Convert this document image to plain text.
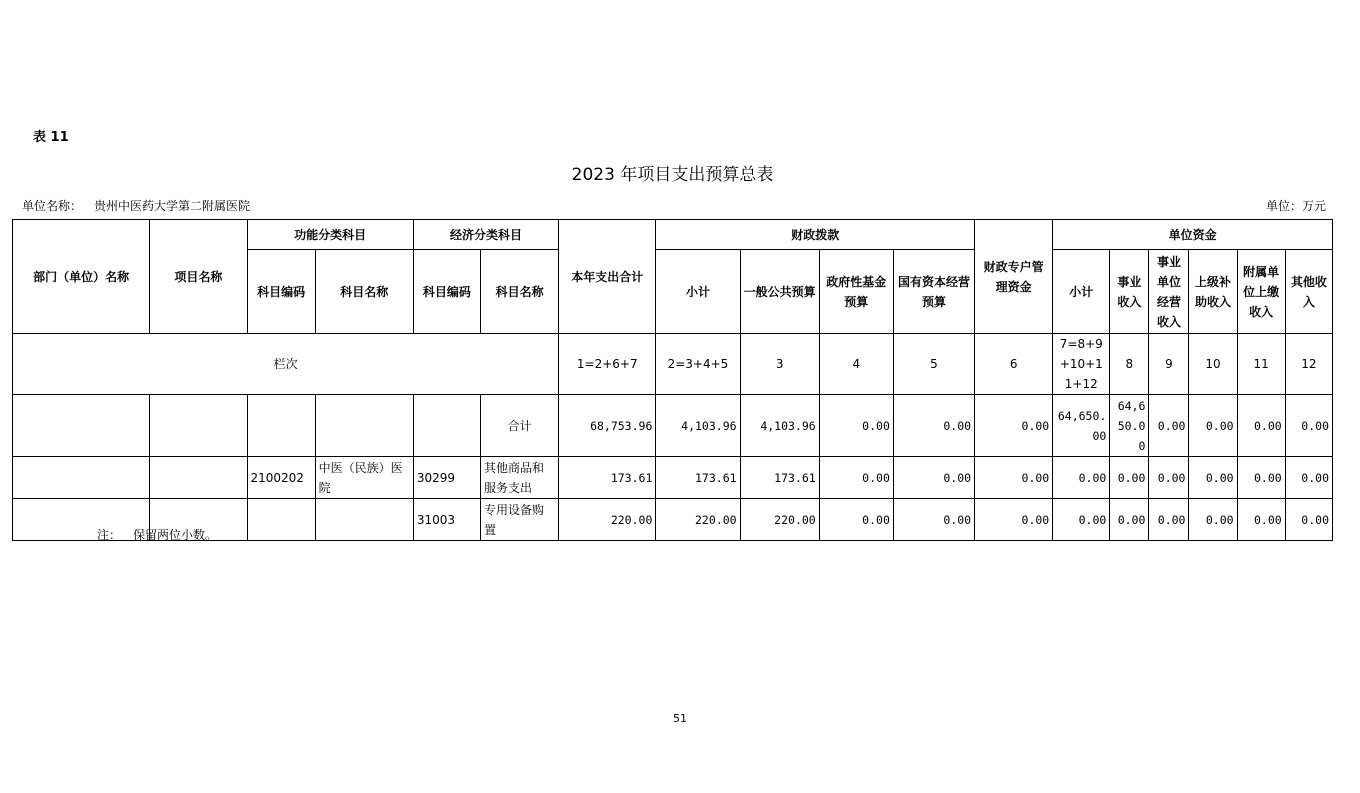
表 11
2023 年项目支出预算总表
单位名称： 贵州中医药大学第二附属医院	单位：万元
部门（单位）名称	项目名称	功能分类科目		经济分类科目		本年支出合计	财政拨款				财政专户管理资金	单位资金					
		科目编码	科目名称	科目编码	科目名称		小计	一般公共预算	政府性基金预算	国有资本经营预算		小计	事业收入	事业单位经营收入	上级补助收入	附属单位上缴收入	其他收入
栏次						1=2+6+7	2=3+4+5	3	4	5	6	7=8+9+10+11+12	8	9	10	11	12
					合计	68,753.96	4,103.96	4,103.96	0.00	0.00	0.00	64,650.00	64,650.00	0.00	0.00	0.00	0.00
		2100202	中医（民族）医院	30299	其他商品和服务支出	173.61	173.61	173.61	0.00	0.00	0.00	0.00	0.00	0.00	0.00	0.00	0.00
				31003	专用设备购置	220.00	220.00	220.00	0.00	0.00	0.00	0.00	0.00	0.00	0.00	0.00	0.00
注： 保留两位小数。
51
